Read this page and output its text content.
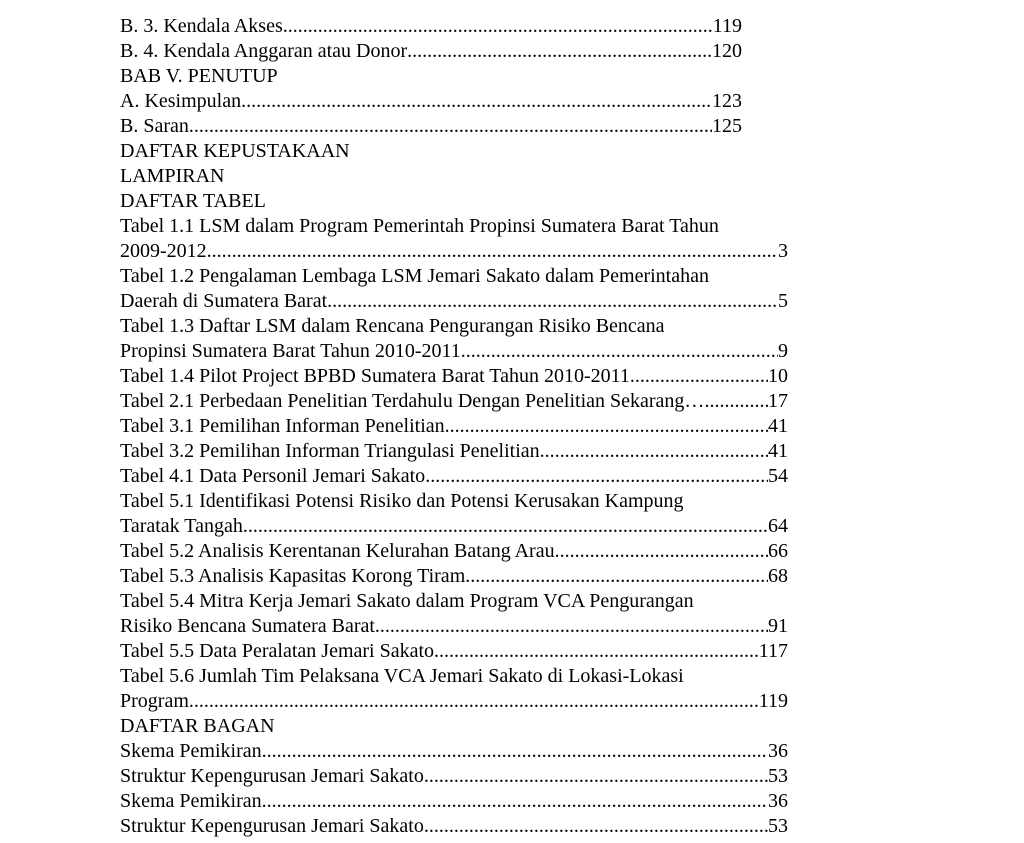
B. 3. Kendala Akses .....	119
B. 4. Kendala Anggaran atau Donor .....	120
BAB V. PENUTUP
A. Kesimpulan .....	123
B. Saran .....	125
DAFTAR KEPUSTAKAAN
LAMPIRAN
DAFTAR TABEL
Tabel 1.1 LSM dalam Program Pemerintah Propinsi Sumatera Barat Tahun
2009-2012 .....	3
Tabel 1.2 Pengalaman Lembaga LSM Jemari Sakato dalam Pemerintahan
Daerah di Sumatera Barat .....	5
Tabel 1.3 Daftar LSM dalam Rencana Pengurangan Risiko Bencana
Propinsi Sumatera Barat Tahun 2010-2011 .....	9
Tabel 1.4 Pilot Project BPBD Sumatera Barat Tahun 2010-2011 .....	10
Tabel 2.1 Perbedaan Penelitian Terdahulu Dengan Penelitian Sekarang… .....	17
Tabel 3.1 Pemilihan Informan Penelitian .....	41
Tabel 3.2 Pemilihan Informan Triangulasi Penelitian .....	41
Tabel 4.1 Data Personil Jemari Sakato .....	54
Tabel 5.1 Identifikasi Potensi Risiko dan Potensi Kerusakan Kampung
Taratak Tangah .....	64
Tabel 5.2 Analisis Kerentanan Kelurahan Batang Arau .....	66
Tabel 5.3 Analisis Kapasitas Korong Tiram .....	68
Tabel 5.4 Mitra Kerja Jemari Sakato dalam Program VCA Pengurangan
Risiko Bencana Sumatera Barat .....	91
Tabel 5.5 Data Peralatan Jemari Sakato .....	117
Tabel 5.6 Jumlah Tim Pelaksana VCA Jemari Sakato di Lokasi-Lokasi
Program .....	119
DAFTAR BAGAN
Skema Pemikiran .....	36
Struktur Kepengurusan Jemari Sakato .....	53
Skema Pemikiran .....	36
Struktur Kepengurusan Jemari Sakato .....	53
